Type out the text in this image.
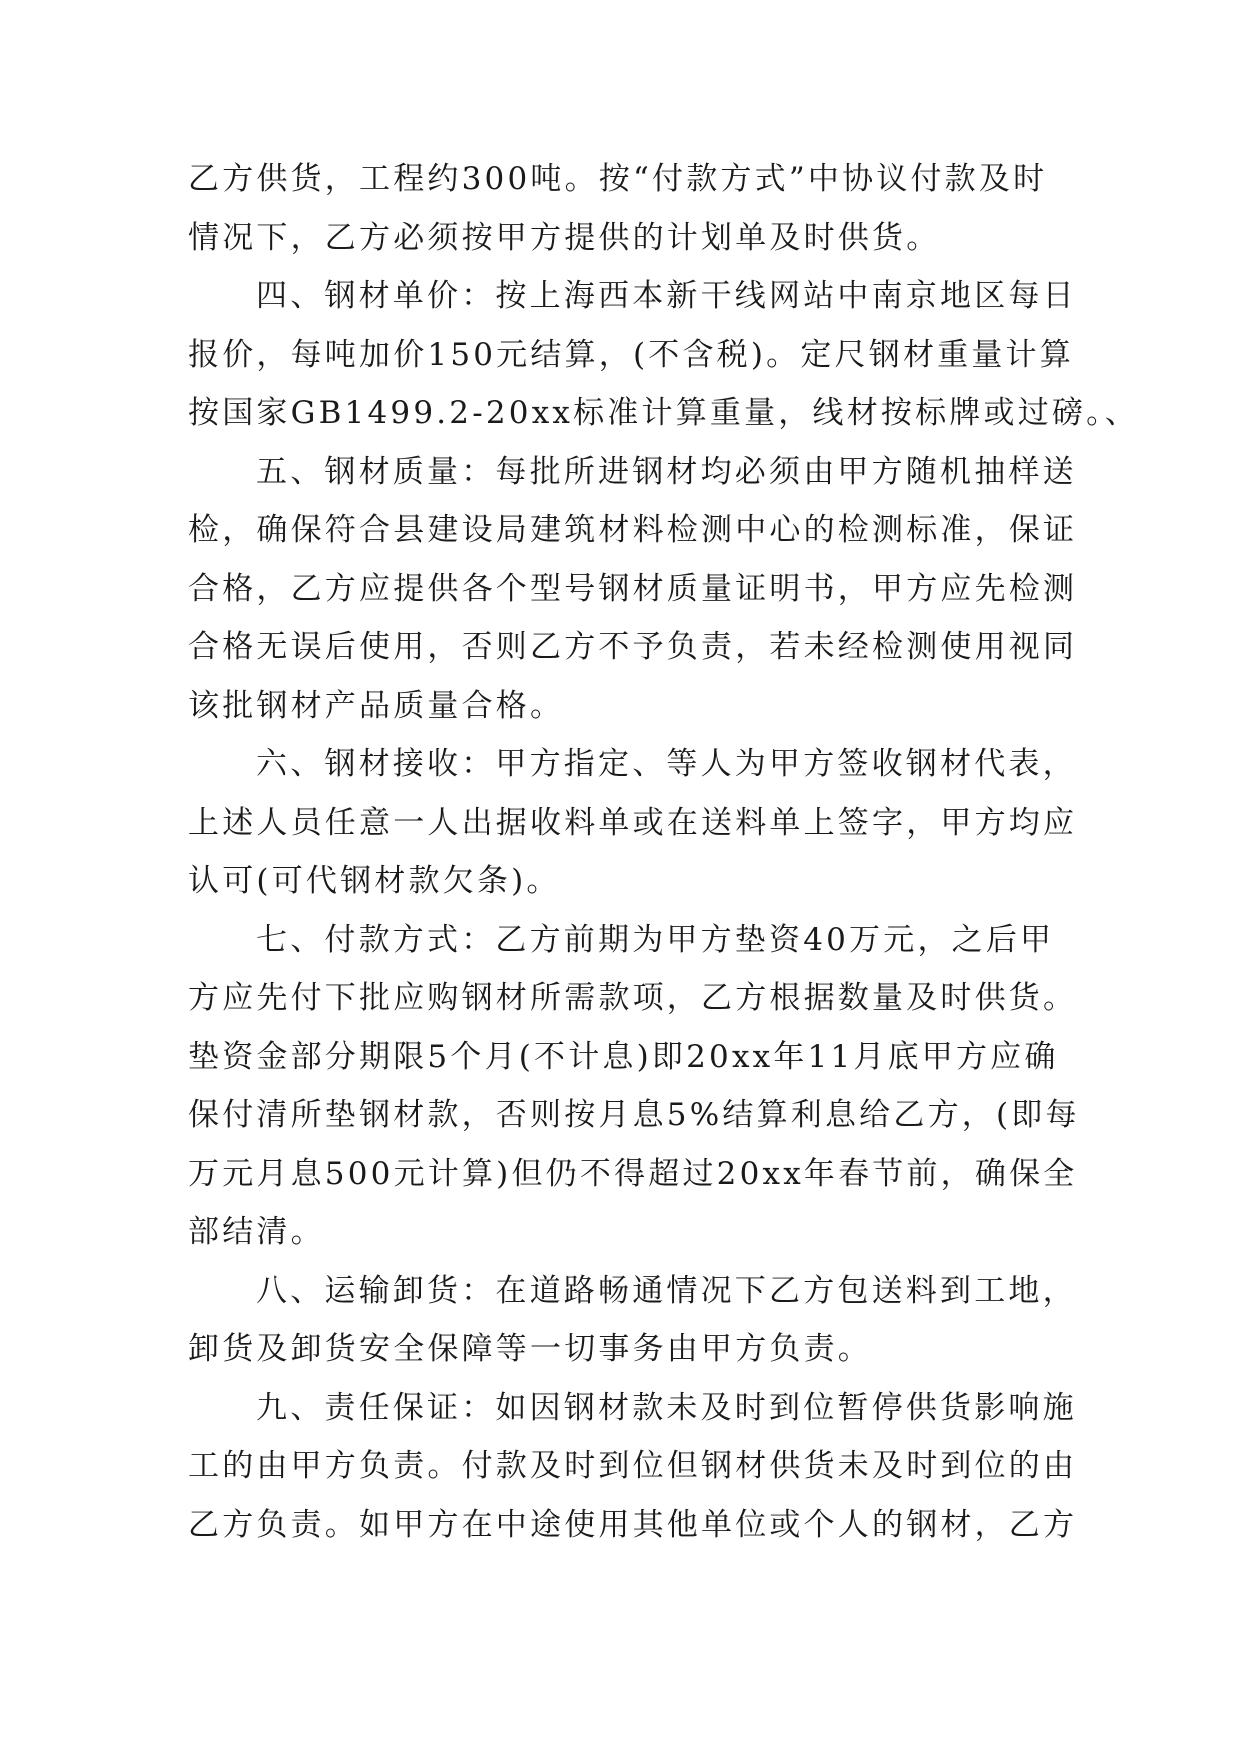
乙方供货，工程约300吨。按“付款方式”中协议付款及时
情况下，乙方必须按甲方提供的计划单及时供货。
四、钢材单价：按上海西本新干线网站中南京地区每日
报价，每吨加价150元结算，(不含税)。定尺钢材重量计算
按国家GB1499.2-20xx标准计算重量，线材按标牌或过磅。、
五、钢材质量：每批所进钢材均必须由甲方随机抽样送
检，确保符合县建设局建筑材料检测中心的检测标准，保证
合格，乙方应提供各个型号钢材质量证明书，甲方应先检测
合格无误后使用，否则乙方不予负责，若未经检测使用视同
该批钢材产品质量合格。
六、钢材接收：甲方指定、等人为甲方签收钢材代表，
上述人员任意一人出据收料单或在送料单上签字，甲方均应
认可(可代钢材款欠条)。
七、付款方式：乙方前期为甲方垫资40万元，之后甲
方应先付下批应购钢材所需款项，乙方根据数量及时供货。
垫资金部分期限5个月(不计息)即20xx年11月底甲方应确
保付清所垫钢材款，否则按月息5%结算利息给乙方，(即每
万元月息500元计算)但仍不得超过20xx年春节前，确保全
部结清。
八、运输卸货：在道路畅通情况下乙方包送料到工地，
卸货及卸货安全保障等一切事务由甲方负责。
九、责任保证：如因钢材款未及时到位暂停供货影响施
工的由甲方负责。付款及时到位但钢材供货未及时到位的由
乙方负责。如甲方在中途使用其他单位或个人的钢材，乙方
